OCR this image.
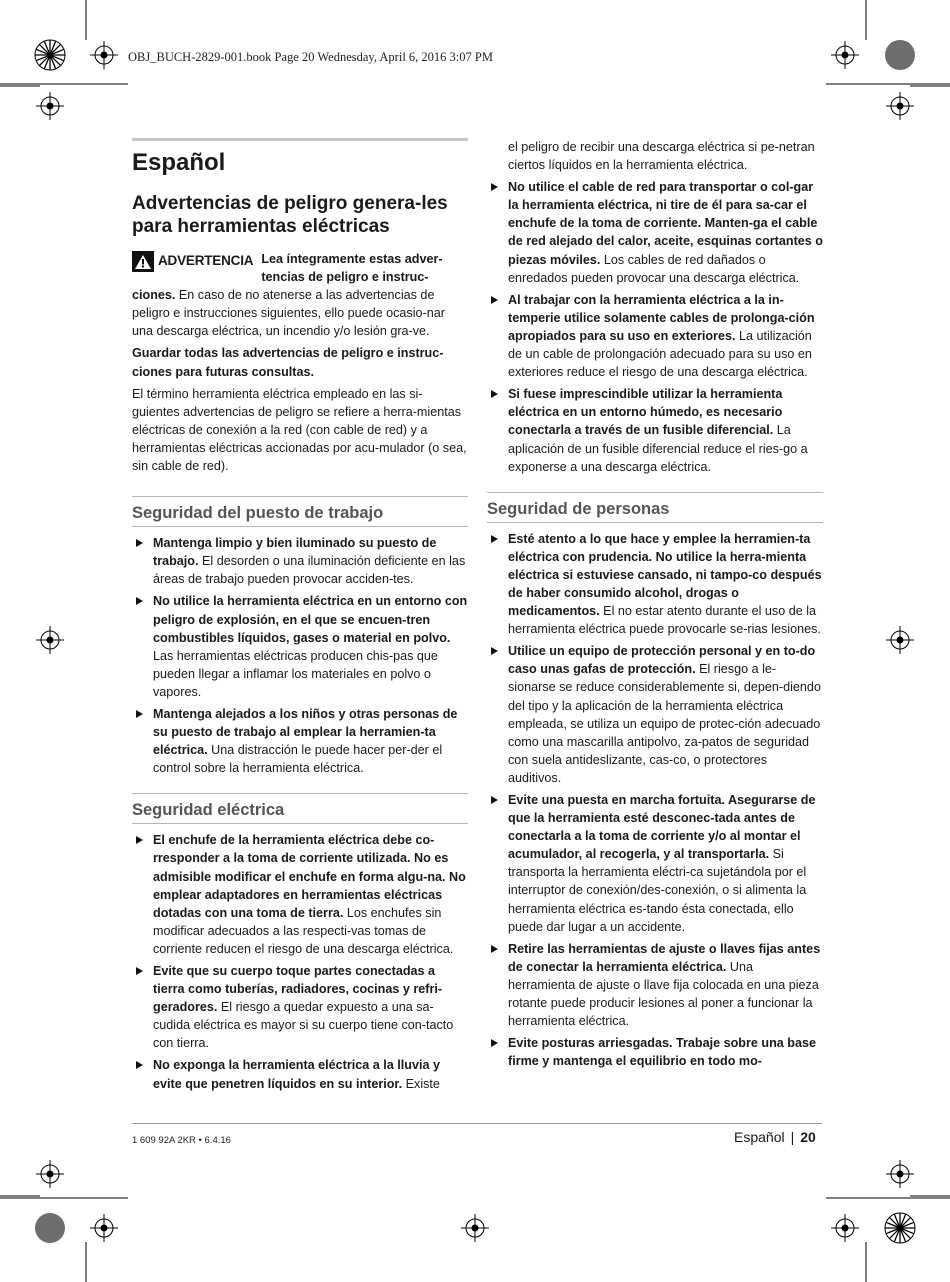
OBJ_BUCH-2829-001.book Page 20 Wednesday, April 6, 2016 3:07 PM
Español
Advertencias de peligro genera-les para herramientas eléctricas
ADVERTENCIA Lea íntegramente estas adver-tencias de peligro e instruc-ciones. En caso de no atenerse a las advertencias de peligro e instrucciones siguientes, ello puede ocasio-nar una descarga eléctrica, un incendio y/o lesión gra-ve.

Guardar todas las advertencias de peligro e instruc-ciones para futuras consultas.

El término herramienta eléctrica empleado en las si-guientes advertencias de peligro se refiere a herra-mientas eléctricas de conexión a la red (con cable de red) y a herramientas eléctricas accionadas por acu-mulador (o sea, sin cable de red).

Seguridad del puesto de trabajo
Mantenga limpio y bien iluminado su puesto de trabajo. El desorden o una iluminación deficiente en las áreas de trabajo pueden provocar acciden-tes.
No utilice la herramienta eléctrica en un entorno con peligro de explosión, en el que se encuen-tren combustibles líquidos, gases o material en polvo. Las herramientas eléctricas producen chis-pas que pueden llegar a inflamar los materiales en polvo o vapores.
Mantenga alejados a los niños y otras personas de su puesto de trabajo al emplear la herramien-ta eléctrica. Una distracción le puede hacer per-der el control sobre la herramienta eléctrica.
Seguridad eléctrica
El enchufe de la herramienta eléctrica debe co-rresponder a la toma de corriente utilizada. No es admisible modificar el enchufe en forma algu-na. No emplear adaptadores en herramientas eléctricas dotadas con una toma de tierra. Los enchufes sin modificar adecuados a las respecti-vas tomas de corriente reducen el riesgo de una descarga eléctrica.
Evite que su cuerpo toque partes conectadas a tierra como tuberías, radiadores, cocinas y refri-geradores. El riesgo a quedar expuesto a una sa-cudida eléctrica es mayor si su cuerpo tiene con-tacto con tierra.
No exponga la herramienta eléctrica a la lluvia y evite que penetren líquidos en su interior. Existe

el peligro de recibir una descarga eléctrica si pe-netran ciertos líquidos en la herramienta eléctrica.

No utilice el cable de red para transportar o col-gar la herramienta eléctrica, ni tire de él para sa-car el enchufe de la toma de corriente. Manten-ga el cable de red alejado del calor, aceite, esquinas cortantes o piezas móviles. Los cables de red dañados o enredados pueden provocar una descarga eléctrica.
Al trabajar con la herramienta eléctrica a la in-temperie utilice solamente cables de prolonga-ción apropiados para su uso en exteriores. La utilización de un cable de prolongación adecuado para su uso en exteriores reduce el riesgo de una descarga eléctrica.
Si fuese imprescindible utilizar la herramienta eléctrica en un entorno húmedo, es necesario conectarla a través de un fusible diferencial. La aplicación de un fusible diferencial reduce el ries-go a exponerse a una descarga eléctrica.
Seguridad de personas
Esté atento a lo que hace y emplee la herramien-ta eléctrica con prudencia. No utilice la herra-mienta eléctrica si estuviese cansado, ni tampo-co después de haber consumido alcohol, drogas o medicamentos. El no estar atento durante el uso de la herramienta eléctrica puede provocarle se-rias lesiones.
Utilice un equipo de protección personal y en to-do caso unas gafas de protección. El riesgo a le-sionarse se reduce considerablemente si, depen-diendo del tipo y la aplicación de la herramienta eléctrica empleada, se utiliza un equipo de protec-ción adecuado como una mascarilla antipolvo, za-patos de seguridad con suela antideslizante, cas-co, o protectores auditivos.
Evite una puesta en marcha fortuita. Asegurarse de que la herramienta esté desconec-tada antes de conectarla a la toma de corriente y/o al montar el acumulador, al recogerla, y al transportarla. Si transporta la herramienta eléctri-ca sujetándola por el interruptor de conexión/des-conexión, o si alimenta la herramienta eléctrica es-tando ésta conectada, ello puede dar lugar a un accidente.
Retire las herramientas de ajuste o llaves fijas antes de conectar la herramienta eléctrica. Una herramienta de ajuste o llave fija colocada en una pieza rotante puede producir lesiones al poner a funcionar la herramienta eléctrica.
Evite posturas arriesgadas. Trabaje sobre una base firme y mantenga el equilibrio en todo mo-
1 609 92A 2KR • 6.4.16	Español | 20
